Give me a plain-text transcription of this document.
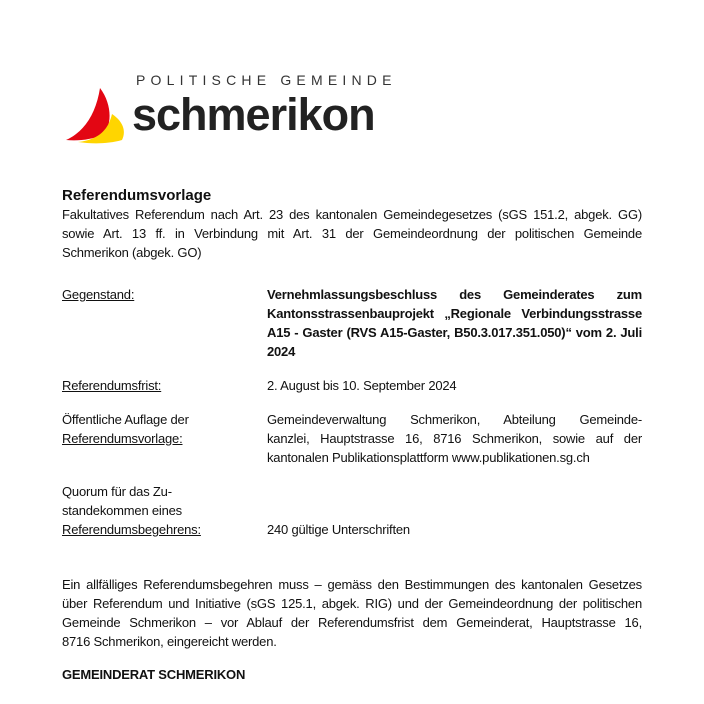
POLITISCHE GEMEINDE
schmerikon
Referendumsvorlage
Fakultatives Referendum nach Art. 23 des kantonalen Gemeindegesetzes (sGS 151.2, abgek. GG)
sowie Art. 13 ff. in Verbindung mit Art. 31 der Gemeindeordnung der politischen Gemeinde
Schmerikon (abgek. GO)
Gegenstand:	Vernehmlassungsbeschluss des Gemeinderates zum
Kantonsstrassenbauprojekt „Regionale Verbindungsstrasse
A15 - Gaster (RVS A15-Gaster, B50.3.017.351.050)“ vom 2. Juli
2024
Referendumsfrist:	2. August bis 10. September 2024
Öffentliche Auflage der
Referendumsvorlage:
Gemeindeverwaltung Schmerikon, Abteilung Gemeinde-
kanzlei, Hauptstrasse 16, 8716 Schmerikon, sowie auf der
kantonalen Publikationsplattform www.publikationen.sg.ch
Quorum für das Zu-
standekommen eines
Referendumsbegehrens:	240 gültige Unterschriften
Ein allfälliges Referendumsbegehren muss – gemäss den Bestimmungen des kantonalen Gesetzes
über Referendum und Initiative (sGS 125.1, abgek. RIG) und der Gemeindeordnung der politischen
Gemeinde Schmerikon – vor Ablauf der Referendumsfrist dem Gemeinderat, Hauptstrasse 16,
8716 Schmerikon, eingereicht werden.
GEMEINDERAT SCHMERIKON
